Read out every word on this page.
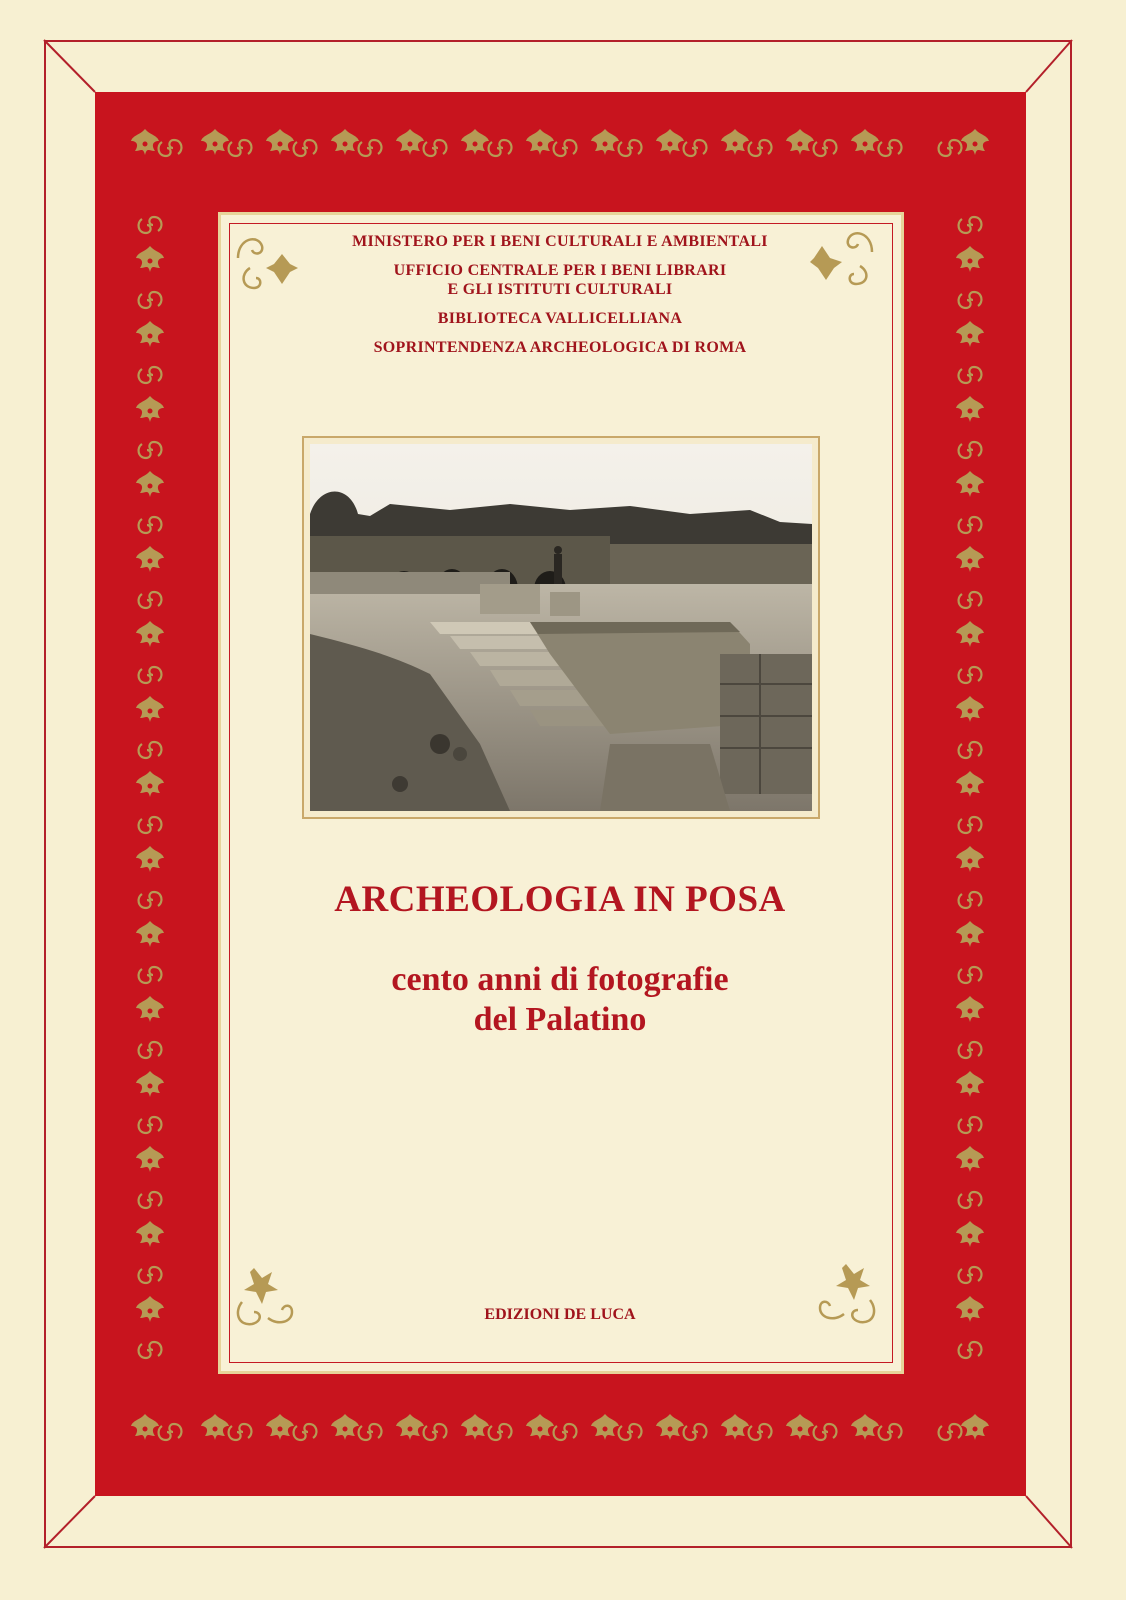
MINISTERO PER I BENI CULTURALI E AMBIENTALI
UFFICIO CENTRALE PER I BENI LIBRARI
E GLI ISTITUTI CULTURALI
BIBLIOTECA VALLICELLIANA
SOPRINTENDENZA ARCHEOLOGICA DI ROMA
ARCHEOLOGIA IN POSA
cento anni di fotografie
del Palatino
EDIZIONI DE LUCA
